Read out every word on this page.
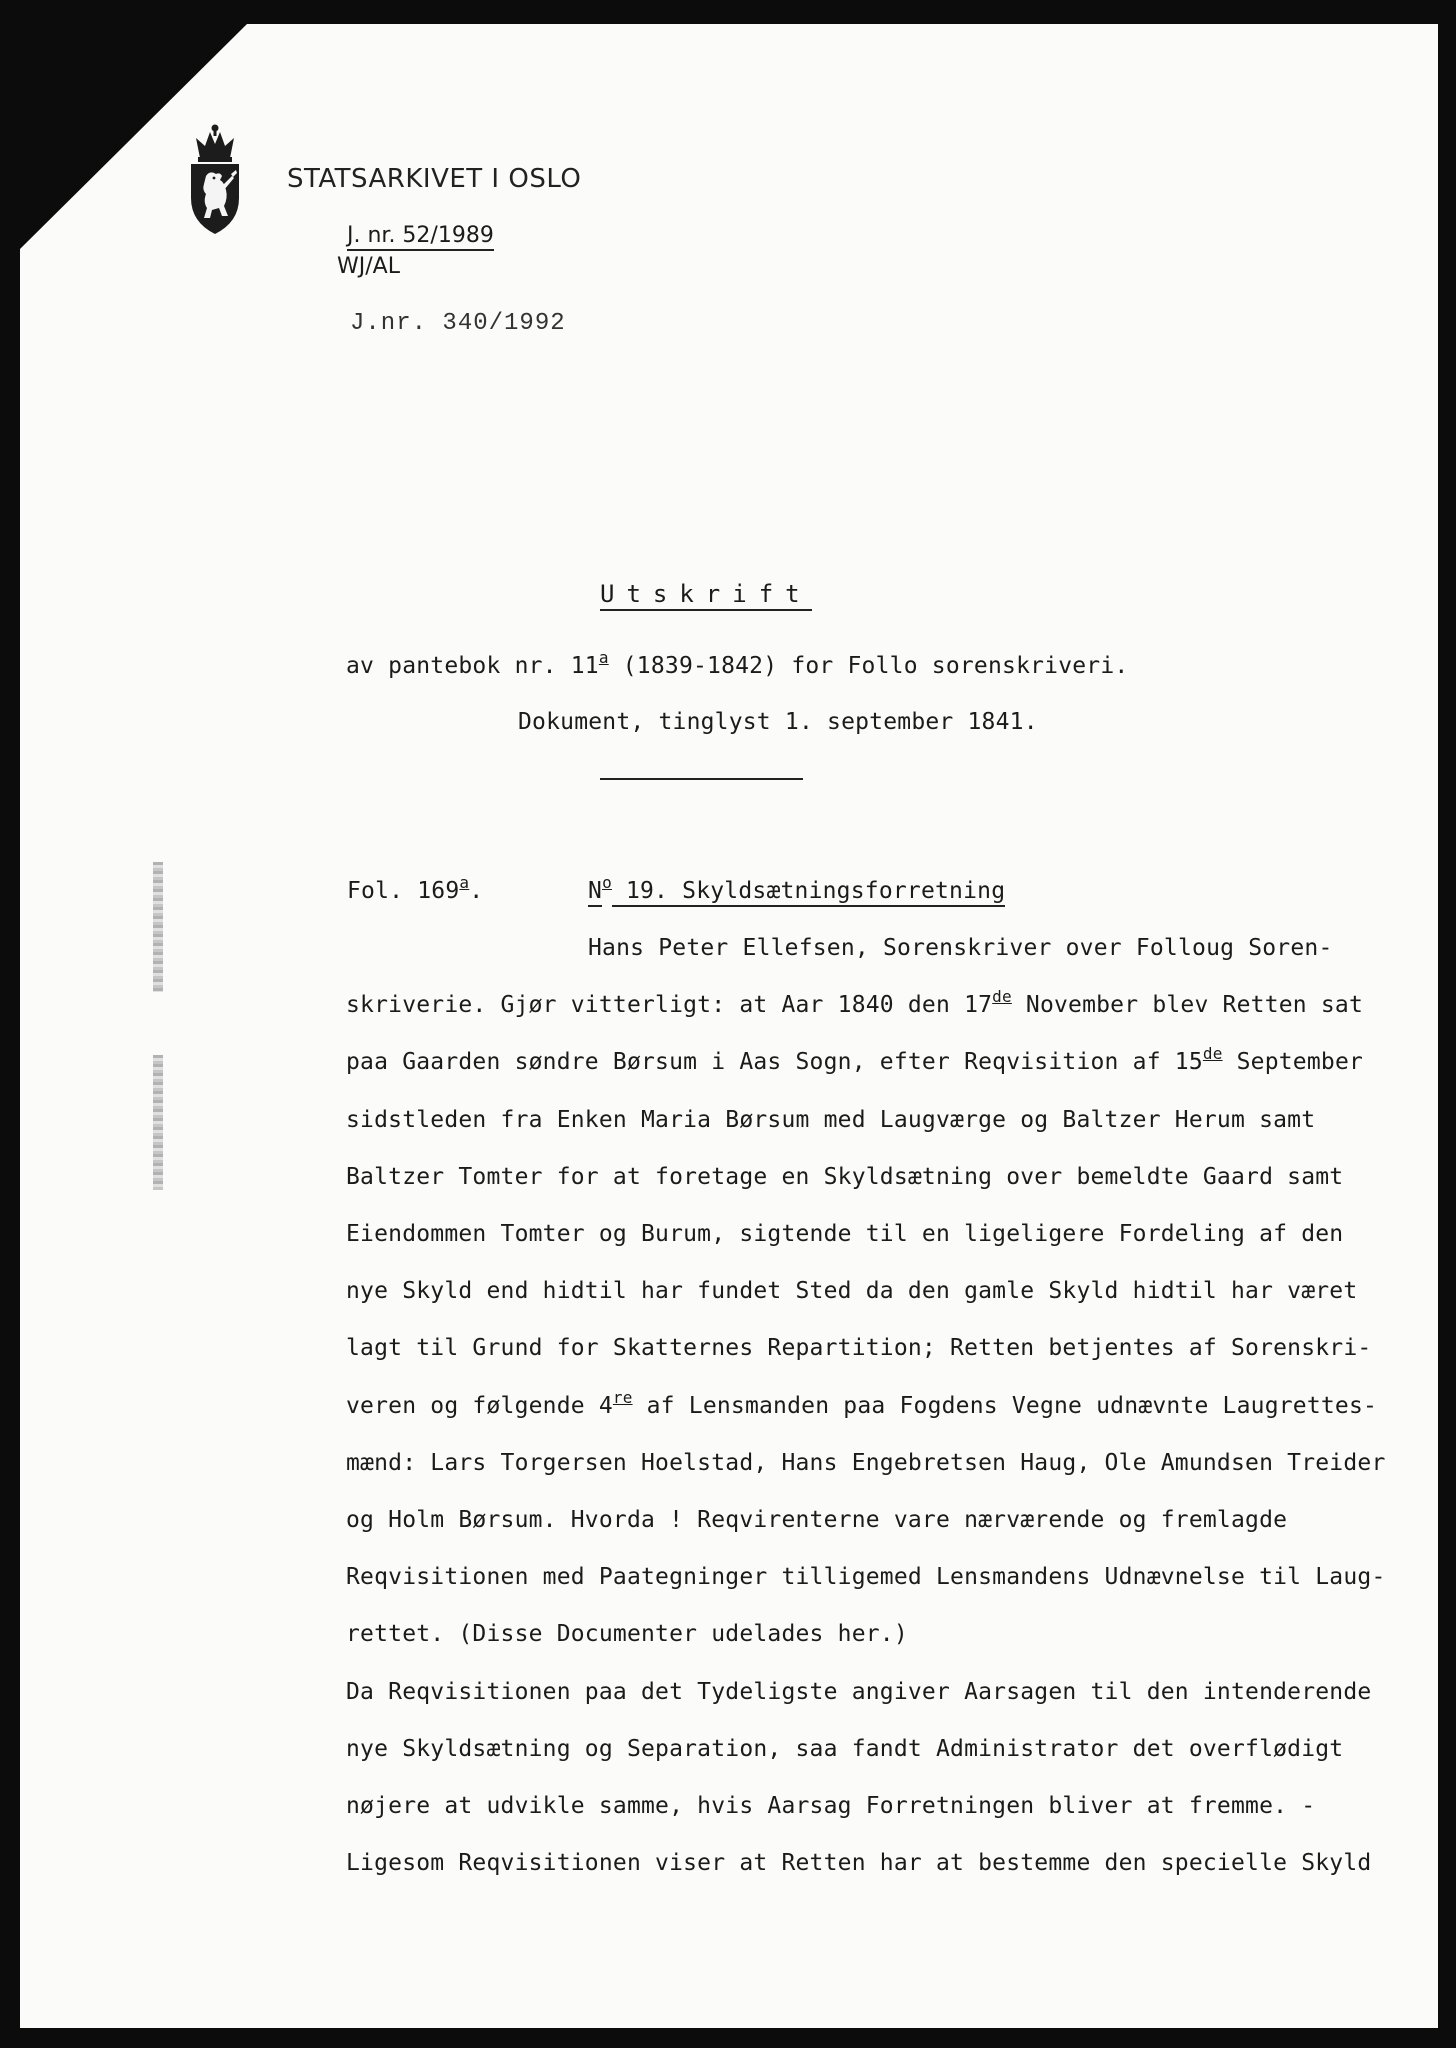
STATSARKIVET I OSLO
J. nr. 52/1989
WJ/AL
J.nr. 340/1992
Utskrift
av pantebok nr. 11$^a$ (1839-1842) for Follo sorenskriveri.
Dokument, tinglyst 1. september 1841.
Fol. 169$^a$.	$N^o$ 19. Skyldsætningsforretning
Hans Peter Ellefsen, Sorenskriver over Folloug Soren-
skriverie. Gjør vitterligt: at Aar 1840 den 17de November blev Retten sat
paa Gaarden søndre Børsum i Aas Sogn, efter Reqvisition af 15de September
sidstleden fra Enken Maria Børsum med Laugværge og Baltzer Herum samt
Baltzer Tomter for at foretage en Skyldsætning over bemeldte Gaard samt
Eiendommen Tomter og Burum, sigtende til en ligeligere Fordeling af den
nye Skyld end hidtil har fundet Sted da den gamle Skyld hidtil har været
lagt til Grund for Skatternes Repartition; Retten betjentes af Sorenskri-
veren og følgende 4re af Lensmanden paa Fogdens Vegne udnævnte Laugrettes-
mænd: Lars Torgersen Hoelstad, Hans Engebretsen Haug, Ole Amundsen Treider
og Holm Børsum. Hvorda ! Reqvirenterne vare nærværende og fremlagde
Reqvisitionen med Paategninger tilligemed Lensmandens Udnævnelse til Laug-
rettet. (Disse Documenter udelades her.)
Da Reqvisitionen paa det Tydeligste angiver Aarsagen til den intenderende
nye Skyldsætning og Separation, saa fandt Administrator det overflødigt
nøjere at udvikle samme, hvis Aarsag Forretningen bliver at fremme. -
Ligesom Reqvisitionen viser at Retten har at bestemme den specielle Skyld
